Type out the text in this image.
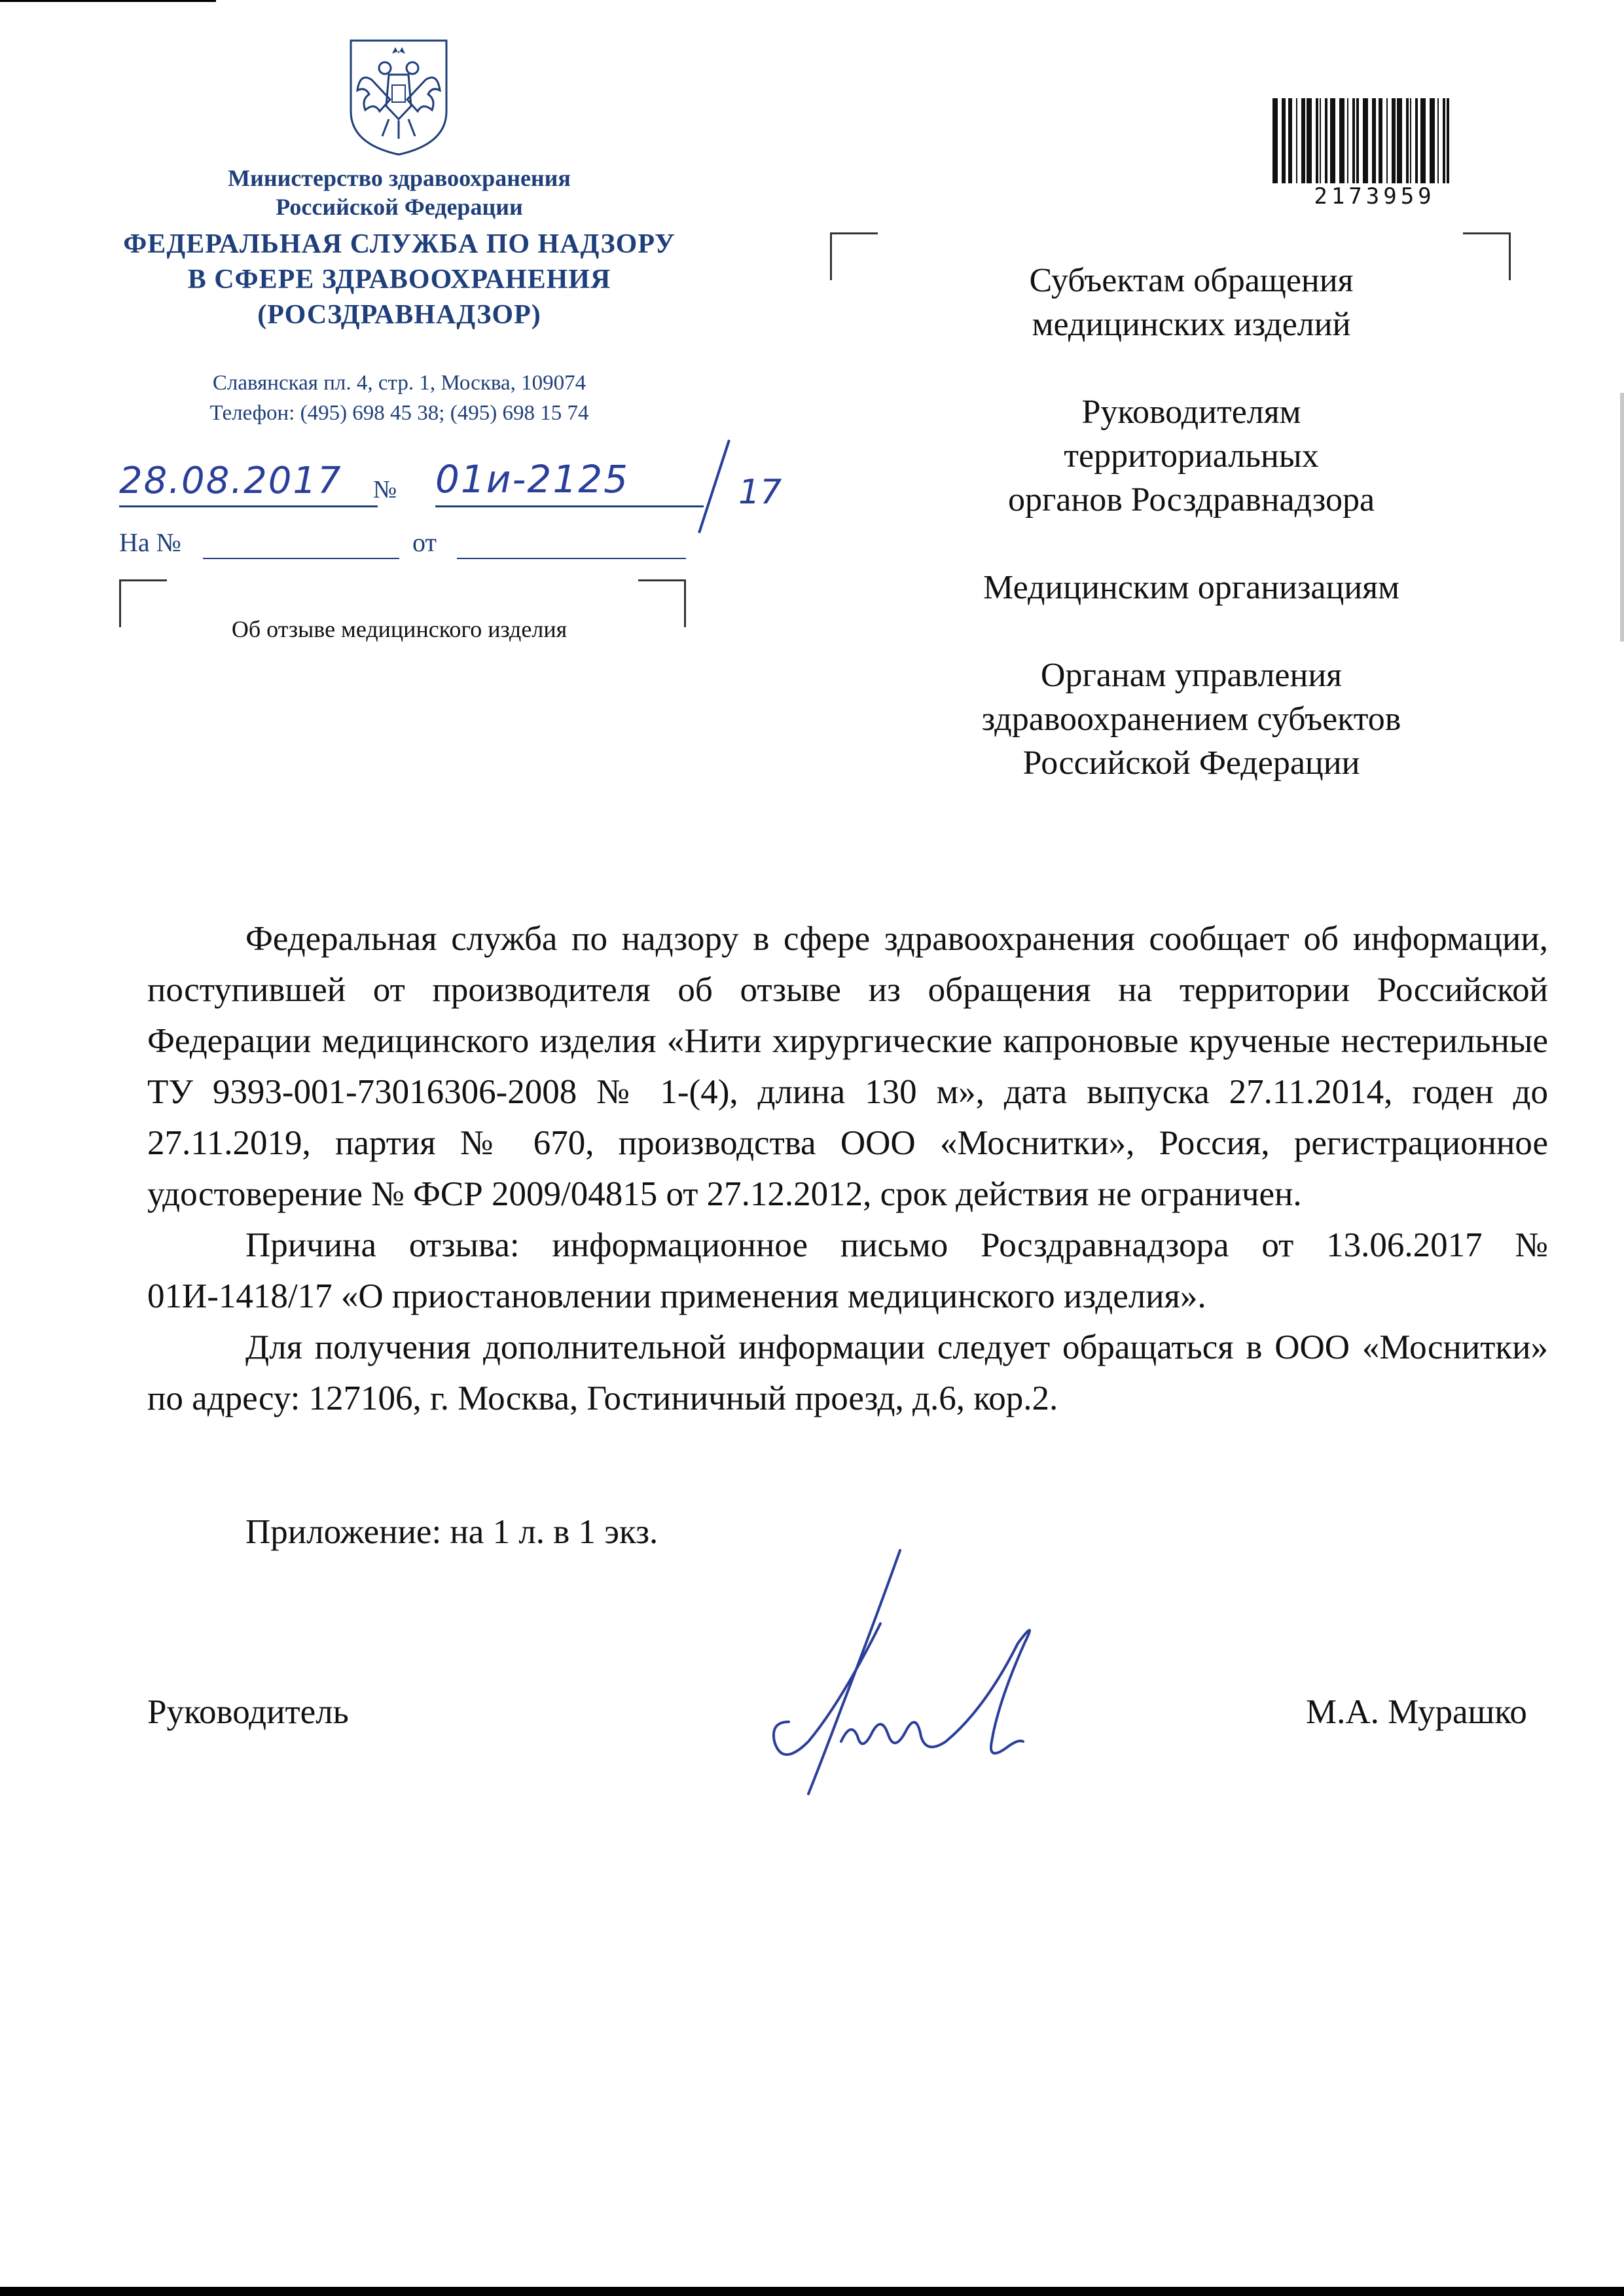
Министерство здравоохранения
Российской Федерации
ФЕДЕРАЛЬНАЯ СЛУЖБА ПО НАДЗОРУ
В СФЕРЕ ЗДРАВООХРАНЕНИЯ
(РОСЗДРАВНАДЗОР)
Славянская пл. 4, стр. 1, Москва, 109074
Телефон: (495) 698 45 38; (495) 698 15 74
28.08.2017 № 01и-2125	17
На №	от
Об отзыве медицинского изделия
2173959
Субъектам обращения
медицинских изделий
Руководителям
территориальных
органов Росздравнадзора
Медицинским организациям
Органам управления
здравоохранением субъектов
Российской Федерации

Федеральная служба по надзору в сфере здравоохранения сообщает об информации, поступившей от производителя об отзыве из обращения на территории Российской Федерации медицинского изделия «Нити хирургические капроновые крученые нестерильные ТУ 9393-001-73016306-2008 № 1-(4), длина 130 м», дата выпуска 27.11.2014, годен до 27.11.2019, партия № 670, производства ООО «Моснитки», Россия, регистрационное удостоверение № ФСР 2009/04815 от 27.12.2012, срок действия не ограничен.

Причина отзыва: информационное письмо Росздравнадзора от 13.06.2017 № 01И-1418/17 «О приостановлении применения медицинского изделия».

Для получения дополнительной информации следует обращаться в ООО «Моснитки» по адресу: 127106, г. Москва, Гостиничный проезд, д.6, кор.2.

Приложение: на 1 л. в 1 экз.
Руководитель	М.А. Мурашко
